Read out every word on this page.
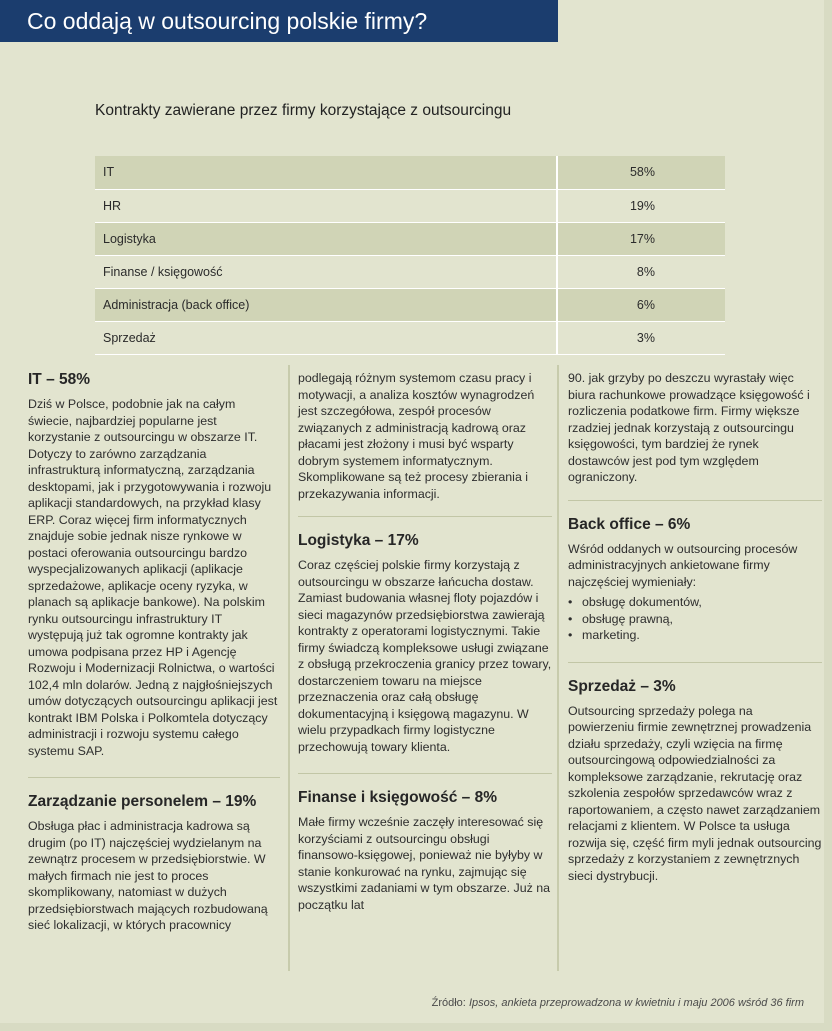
Co oddają w outsourcing polskie firmy?
Kontrakty zawierane przez firmy korzystające z outsourcingu
IT	58%
HR	19%
Logistyka	17%
Finanse / księgowość	8%
Administracja (back office)	6%
Sprzedaż	3%
IT – 58%

Dziś w Polsce, podobnie jak na całym świecie, najbardziej popularne jest korzystanie z outsourcingu w obszarze IT. Dotyczy to zarówno zarządzania infrastrukturą informatyczną, zarządzania desktopami, jak i przygotowywania i rozwoju aplikacji standardowych, na przykład klasy ERP. Coraz więcej firm informatycznych znajduje sobie jednak nisze rynkowe w postaci oferowania outsourcingu bardzo wyspecjalizowanych aplikacji (aplikacje sprzedażowe, aplikacje oceny ryzyka, w planach są aplikacje bankowe). Na polskim rynku outsourcingu infrastruktury IT występują już tak ogromne kontrakty jak umowa podpisana przez HP i Agencję Rozwoju i Modernizacji Rolnictwa, o wartości 102,4 mln dolarów. Jedną z najgłośniejszych umów dotyczących outsourcingu aplikacji jest kontrakt IBM Polska i Polkomtela dotyczący administracji i rozwoju systemu całego systemu SAP.

Zarządzanie personelem – 19%

Obsługa płac i administracja kadrowa są drugim (po IT) najczęściej wydzielanym na zewnątrz procesem w przedsiębiorstwie. W małych firmach nie jest to proces skomplikowany, natomiast w dużych przedsiębiorstwach mających rozbudowaną sieć lokalizacji, w których pracownicy

podlegają różnym systemom czasu pracy i motywacji, a analiza kosztów wynagrodzeń jest szczegółowa, zespół procesów związanych z administracją kadrową oraz płacami jest złożony i musi być wsparty dobrym systemem informatycznym. Skomplikowane są też procesy zbierania i przekazywania informacji.

Logistyka – 17%

Coraz częściej polskie firmy korzystają z outsourcingu w obszarze łańcucha dostaw. Zamiast budowania własnej floty pojazdów i sieci magazynów przedsiębiorstwa zawierają kontrakty z operatorami logistycznymi. Takie firmy świadczą kompleksowe usługi związane z obsługą przekroczenia granicy przez towary, dostarczeniem towaru na miejsce przeznaczenia oraz całą obsługę dokumentacyjną i księgową magazynu. W wielu przypadkach firmy logistyczne przechowują towary klienta.

Finanse i księgowość – 8%

Małe firmy wcześnie zaczęły interesować się korzyściami z outsourcingu obsługi finansowo-księgowej, ponieważ nie byłyby w stanie konkurować na rynku, zajmując się wszystkimi zadaniami w tym obszarze. Już na początku lat

90. jak grzyby po deszczu wyrastały więc biura rachunkowe prowadzące księgowość i rozliczenia podatkowe firm. Firmy większe rzadziej jednak korzystają z outsourcingu księgowości, tym bardziej że rynek dostawców jest pod tym względem ograniczony.

Back office – 6%

Wśród oddanych w outsourcing procesów administracyjnych ankietowane firmy najczęściej wymieniały:

• obsługę dokumentów,
• obsługę prawną,
• marketing.
Sprzedaż – 3%

Outsourcing sprzedaży polega na powierzeniu firmie zewnętrznej prowadzenia działu sprzedaży, czyli wzięcia na firmę outsourcingową odpowiedzialności za kompleksowe zarządzanie, rekrutację oraz szkolenia zespołów sprzedawców wraz z raportowaniem, a często nawet zarządzaniem relacjami z klientem. W Polsce ta usługa rozwija się, część firm myli jednak outsourcing sprzedaży z korzystaniem z zewnętrznych sieci dystrybucji.

Źródło: Ipsos, ankieta przeprowadzona w kwietniu i maju 2006 wśród 36 firm
